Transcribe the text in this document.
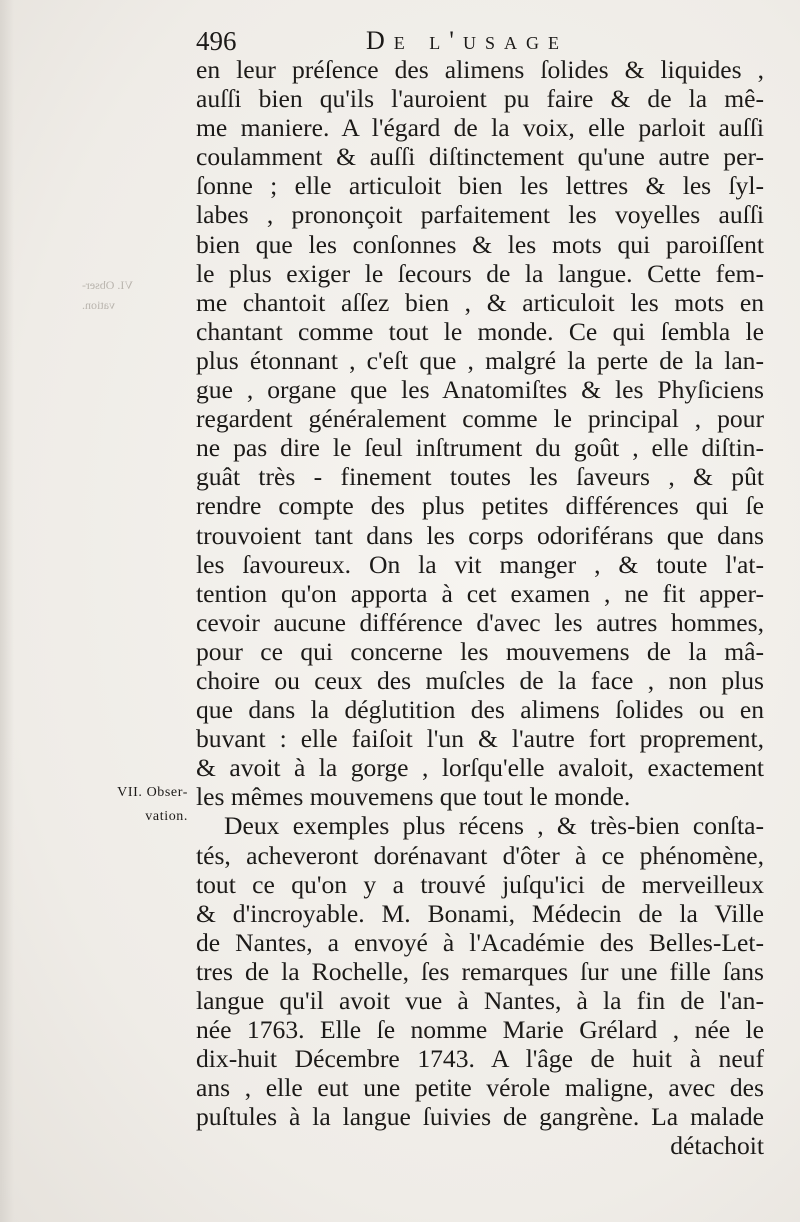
496	De l'usage
VI. Obser-
vation.
VII. Obser-
vation.
en leur préſence des alimens ſolides & liquides ,
auſſi bien qu'ils l'auroient pu faire & de la mê-
me maniere. A l'égard de la voix, elle parloit auſſi
coulamment & auſſi diſtinctement qu'une autre per-
ſonne ; elle articuloit bien les lettres & les ſyl-
labes , prononçoit parfaitement les voyelles auſſi
bien que les conſonnes & les mots qui paroiſſent
le plus exiger le ſecours de la langue. Cette fem-
me chantoit aſſez bien , & articuloit les mots en
chantant comme tout le monde. Ce qui ſembla le
plus étonnant , c'eſt que , malgré la perte de la lan-
gue , organe que les Anatomiſtes & les Phyſiciens
regardent généralement comme le principal , pour
ne pas dire le ſeul inſtrument du goût , elle diſtin-
guât très - finement toutes les ſaveurs , & pût
rendre compte des plus petites différences qui ſe
trouvoient tant dans les corps odoriférans que dans
les ſavoureux. On la vit manger , & toute l'at-
tention qu'on apporta à cet examen , ne fit apper-
cevoir aucune différence d'avec les autres hommes,
pour ce qui concerne les mouvemens de la mâ-
choire ou ceux des muſcles de la face , non plus
que dans la déglutition des alimens ſolides ou en
buvant : elle faiſoit l'un & l'autre fort proprement,
& avoit à la gorge , lorſqu'elle avaloit, exactement
les mêmes mouvemens que tout le monde.
Deux exemples plus récens , & très-bien conſta-
tés, acheveront dorénavant d'ôter à ce phénomène,
tout ce qu'on y a trouvé juſqu'ici de merveilleux
& d'incroyable. M. Bonami, Médecin de la Ville
de Nantes, a envoyé à l'Académie des Belles-Let-
tres de la Rochelle, ſes remarques ſur une fille ſans
langue qu'il avoit vue à Nantes, à la fin de l'an-
née 1763. Elle ſe nomme Marie Grélard , née le
dix-huit Décembre 1743. A l'âge de huit à neuf
ans , elle eut une petite vérole maligne, avec des
puſtules à la langue ſuivies de gangrène. La malade
détachoit
